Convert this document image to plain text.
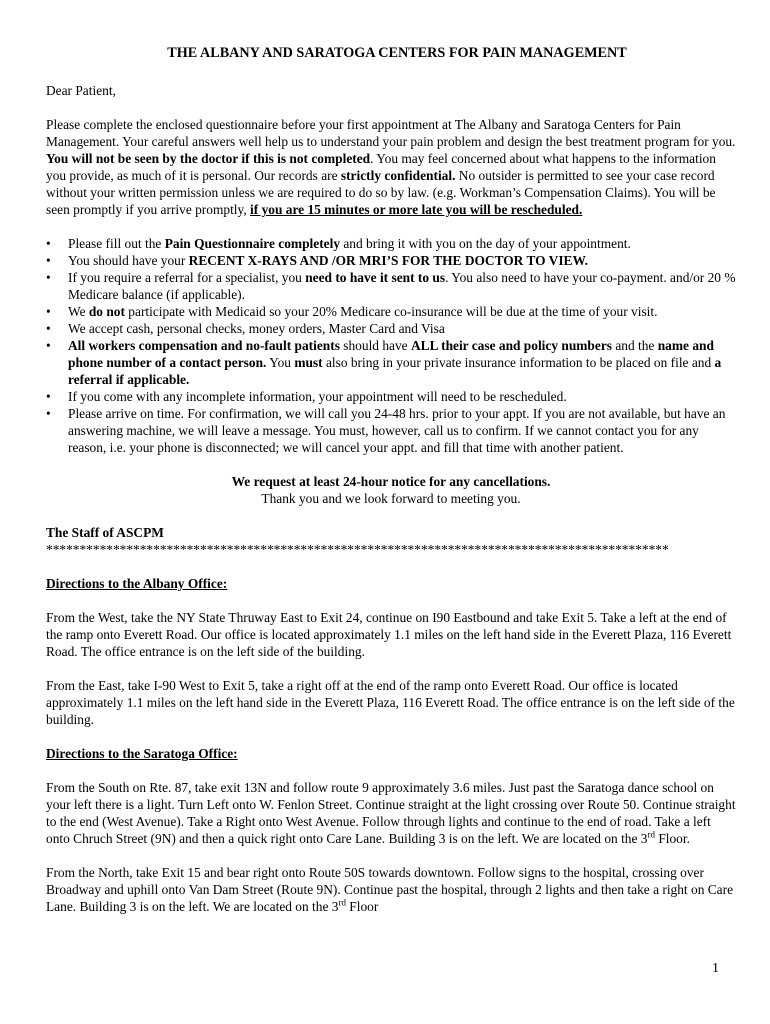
THE ALBANY AND SARATOGA CENTERS FOR PAIN MANAGEMENT

Dear Patient,

Please complete the enclosed questionnaire before your first appointment at The Albany and Saratoga Centers for Pain Management. Your careful answers well help us to understand your pain problem and design the best treatment program for you. You will not be seen by the doctor if this is not completed. You may feel concerned about what happens to the information you provide, as much of it is personal. Our records are strictly confidential. No outsider is permitted to see your case record without your written permission unless we are required to do so by law. (e.g. Workman’s Compensation Claims). You will be seen promptly if you arrive promptly, if you are 15 minutes or more late you will be rescheduled.

• Please fill out the Pain Questionnaire completely and bring it with you on the day of your appointment.
• You should have your RECENT X-RAYS AND /OR MRI’S FOR THE DOCTOR TO VIEW.
• If you require a referral for a specialist, you need to have it sent to us. You also need to have your co-payment. and/or 20 % Medicare balance (if applicable).
• We do not participate with Medicaid so your 20% Medicare co-insurance will be due at the time of your visit.
• We accept cash, personal checks, money orders, Master Card and Visa
• All workers compensation and no-fault patients should have ALL their case and policy numbers and the name and phone number of a contact person. You must also bring in your private insurance information to be placed on file and a referral if applicable.
• If you come with any incomplete information, your appointment will need to be rescheduled.
• Please arrive on time. For confirmation, we will call you 24-48 hrs. prior to your appt. If you are not available, but have an answering machine, we will leave a message. You must, however, call us to confirm. If we cannot contact you for any reason, i.e. your phone is disconnected; we will cancel your appt. and fill that time with another patient.

We request at least 24-hour notice for any cancellations.

Thank you and we look forward to meeting you.

The Staff of ASCPM

*********************************************************************************************

Directions to the Albany Office:

From the West, take the NY State Thruway East to Exit 24, continue on I90 Eastbound and take Exit 5. Take a left at the end of the ramp onto Everett Road. Our office is located approximately 1.1 miles on the left hand side in the Everett Plaza, 116 Everett Road. The office entrance is on the left side of the building.

From the East, take I-90 West to Exit 5, take a right off at the end of the ramp onto Everett Road. Our office is located approximately 1.1 miles on the left hand side in the Everett Plaza, 116 Everett Road. The office entrance is on the left side of the building.

Directions to the Saratoga Office:

From the South on Rte. 87, take exit 13N and follow route 9 approximately 3.6 miles. Just past the Saratoga dance school on your left there is a light. Turn Left onto W. Fenlon Street. Continue straight at the light crossing over Route 50. Continue straight to the end (West Avenue). Take a Right onto West Avenue. Follow through lights and continue to the end of road. Take a left onto Chruch Street (9N) and then a quick right onto Care Lane. Building 3 is on the left. We are located on the 3rd Floor.

From the North, take Exit 15 and bear right onto Route 50S towards downtown. Follow signs to the hospital, crossing over Broadway and uphill onto Van Dam Street (Route 9N). Continue past the hospital, through 2 lights and then take a right on Care Lane. Building 3 is on the left. We are located on the 3rd Floor

1
